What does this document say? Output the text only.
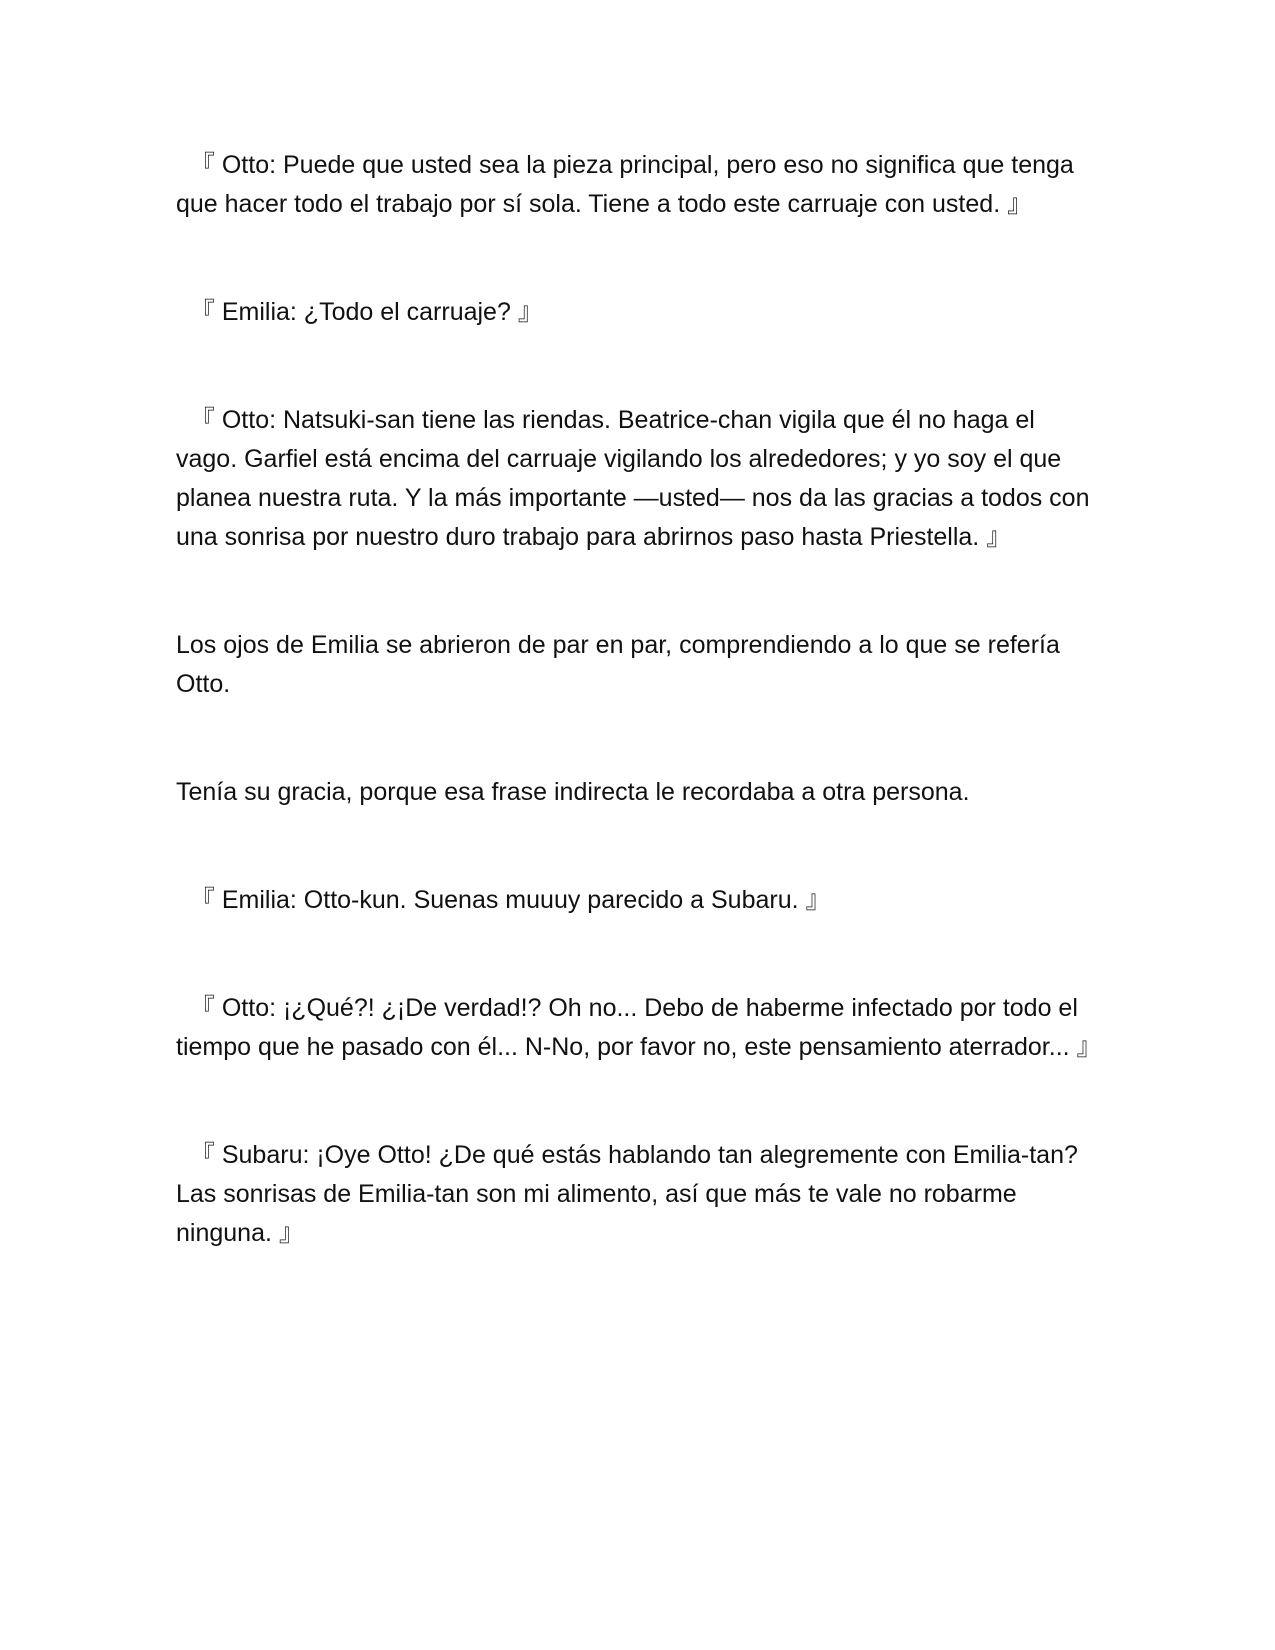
『 Otto: Puede que usted sea la pieza principal, pero eso no significa que tenga que hacer todo el trabajo por sí sola. Tiene a todo este carruaje con usted. 』

『 Emilia: ¿Todo el carruaje? 』

『 Otto: Natsuki-san tiene las riendas. Beatrice-chan vigila que él no haga el vago. Garfiel está encima del carruaje vigilando los alrededores; y yo soy el que planea nuestra ruta. Y la más importante —usted— nos da las gracias a todos con una sonrisa por nuestro duro trabajo para abrirnos paso hasta Priestella. 』

Los ojos de Emilia se abrieron de par en par, comprendiendo a lo que se refería Otto.

Tenía su gracia, porque esa frase indirecta le recordaba a otra persona.

『 Emilia: Otto-kun. Suenas muuuy parecido a Subaru. 』

『 Otto: ¡¿Qué?! ¿¡De verdad!? Oh no... Debo de haberme infectado por todo el tiempo que he pasado con él... N-No, por favor no, este pensamiento aterrador... 』

『 Subaru: ¡Oye Otto! ¿De qué estás hablando tan alegremente con Emilia-tan? Las sonrisas de Emilia-tan son mi alimento, así que más te vale no robarme ninguna. 』
